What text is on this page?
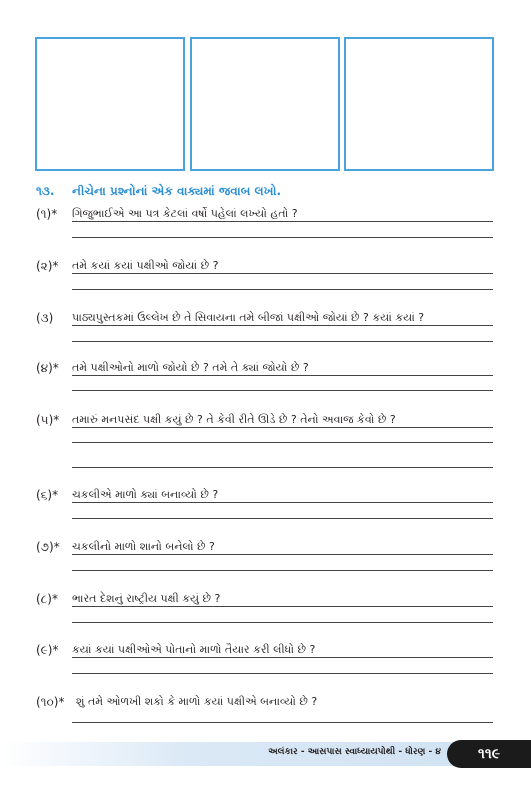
૧૩. નીચેના પ્રશ્નોનાં એક વાક્યમાં જવાબ લખો.
(૧)* ગિજુભાઈએ આ પત્ર કેટલાં વર્ષો પહેલાં લખ્યો હતો ?
(૨)* તમે કયાં કયાં પક્ષીઓ જોયાં છે ?
(૩) પાઠ્યપુસ્તકમાં ઉલ્લેખ છે તે સિવાયના તમે બીજાં પક્ષીઓ જોયાં છે ? કયાં કયાં ?
(૪)* તમે પક્ષીઓનો માળો જોયો છે ? તમે તે ક્યાં જોયો છે ?
(૫)* તમારું મનપસંદ પક્ષી કયું છે ? તે કેવી રીતે ઊડે છે ? તેનો અવાજ કેવો છે ?
(૬)* ચકલીએ માળો ક્યાં બનાવ્યો છે ?
(૭)* ચકલીનો માળો શાનો બનેલો છે ?
(૮)* ભારત દેશનું રાષ્ટ્રીય પક્ષી કયું છે ?
(૯)* કયાં કયાં પક્ષીઓએ પોતાનો માળો તૈયાર કરી લીધો છે ?
(૧૦)* શું તમે ઓળખી શકો કે માળો કયાં પક્ષીએ બનાવ્યો છે ?
અલંકાર - આસપાસ સ્વાધ્યાયપોથી - ધોરણ - ૪	૧૧૯
